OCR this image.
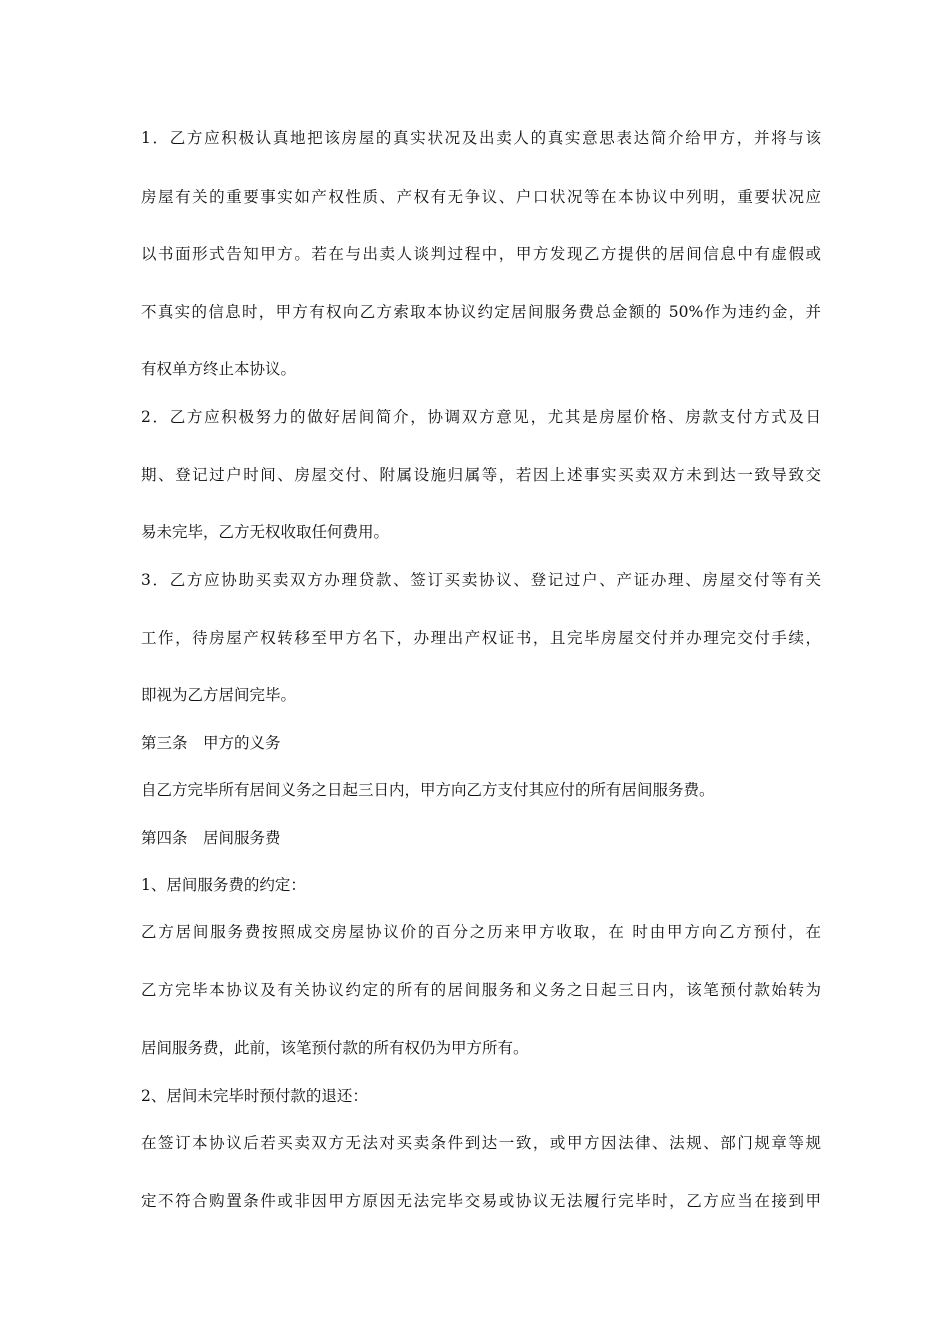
1．乙方应积极认真地把该房屋的真实状况及出卖人的真实意思表达简介给甲方，并将与该
房屋有关的重要事实如产权性质、产权有无争议、户口状况等在本协议中列明，重要状况应
以书面形式告知甲方。若在与出卖人谈判过程中，甲方发现乙方提供的居间信息中有虚假或
不真实的信息时，甲方有权向乙方索取本协议约定居间服务费总金额的 50%作为违约金，并
有权单方终止本协议。
2．乙方应积极努力的做好居间简介，协调双方意见，尤其是房屋价格、房款支付方式及日
期、登记过户时间、房屋交付、附属设施归属等，若因上述事实买卖双方未到达一致导致交
易未完毕，乙方无权收取任何费用。
3．乙方应协助买卖双方办理贷款、签订买卖协议、登记过户、产证办理、房屋交付等有关
工作，待房屋产权转移至甲方名下，办理出产权证书，且完毕房屋交付并办理完交付手续，
即视为乙方居间完毕。
第三条　甲方的义务
自乙方完毕所有居间义务之日起三日内，甲方向乙方支付其应付的所有居间服务费。
第四条　居间服务费
1、居间服务费的约定：
乙方居间服务费按照成交房屋协议价的百分之历来甲方收取，在 时由甲方向乙方预付，在
乙方完毕本协议及有关协议约定的所有的居间服务和义务之日起三日内，该笔预付款始转为
居间服务费，此前，该笔预付款的所有权仍为甲方所有。
2、居间未完毕时预付款的退还：
在签订本协议后若买卖双方无法对买卖条件到达一致，或甲方因法律、法规、部门规章等规
定不符合购置条件或非因甲方原因无法完毕交易或协议无法履行完毕时，乙方应当在接到甲
